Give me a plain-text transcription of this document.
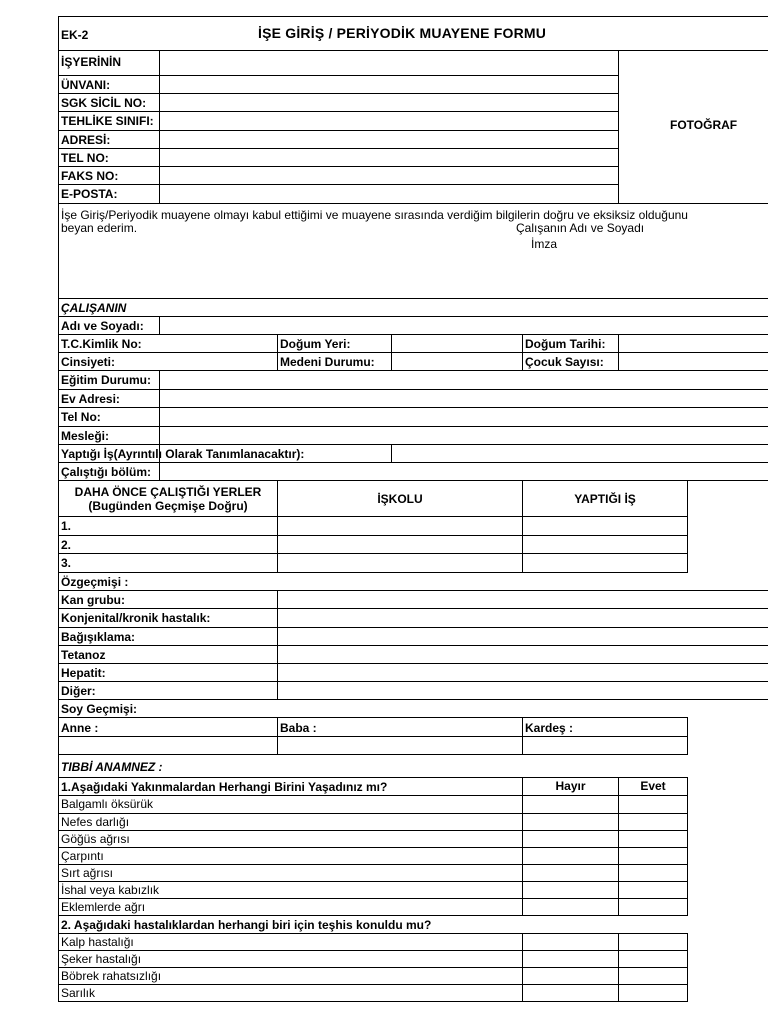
EK-2	İŞE GİRİŞ / PERİYODİK MUAYENE FORMU
İŞYERİNİN
ÜNVANI:
SGK SİCİL NO:
TEHLİKE SINIFI:
ADRESİ:
TEL NO:
FAKS NO:
E-POSTA:
FOTOĞRAF
İşe Giriş/Periyodik muayene olmayı kabul ettiğimi ve muayene sırasında verdiğim bilgilerin doğru ve eksiksiz olduğunu
beyan ederim.	Çalışanın Adı ve Soyadı
İmza
ÇALIŞANIN
Adı ve Soyadı:
T.C.Kimlik No:	Doğum Yeri:	Doğum Tarihi:
Cinsiyeti:	Medeni Durumu:	Çocuk Sayısı:
Eğitim Durumu:
Ev Adresi:
Tel No:
Mesleği:
Yaptığı İş(Ayrıntılı Olarak Tanımlanacaktır):
Çalıştığı bölüm:
DAHA ÖNCE ÇALIŞTIĞI YERLER
(Bugünden Geçmişe Doğru)	İŞKOLU	YAPTIĞI İŞ
1.
2.
3.
Özgeçmişi :
Kan grubu:
Konjenital/kronik hastalık:
Bağışıklama:
Tetanoz
Hepatit:
Diğer:
Soy Geçmişi:
Anne :	Baba :	Kardeş :
TIBBİ ANAMNEZ :
1.Aşağıdaki Yakınmalardan Herhangi Birini Yaşadınız mı?	Hayır	Evet
Balgamlı öksürük
Nefes darlığı
Göğüs ağrısı
Çarpıntı
Sırt ağrısı
İshal veya kabızlık
Eklemlerde ağrı
2. Aşağıdaki hastalıklardan herhangi biri için teşhis konuldu mu?
Kalp hastalığı
Şeker hastalığı
Böbrek rahatsızlığı
Sarılık
